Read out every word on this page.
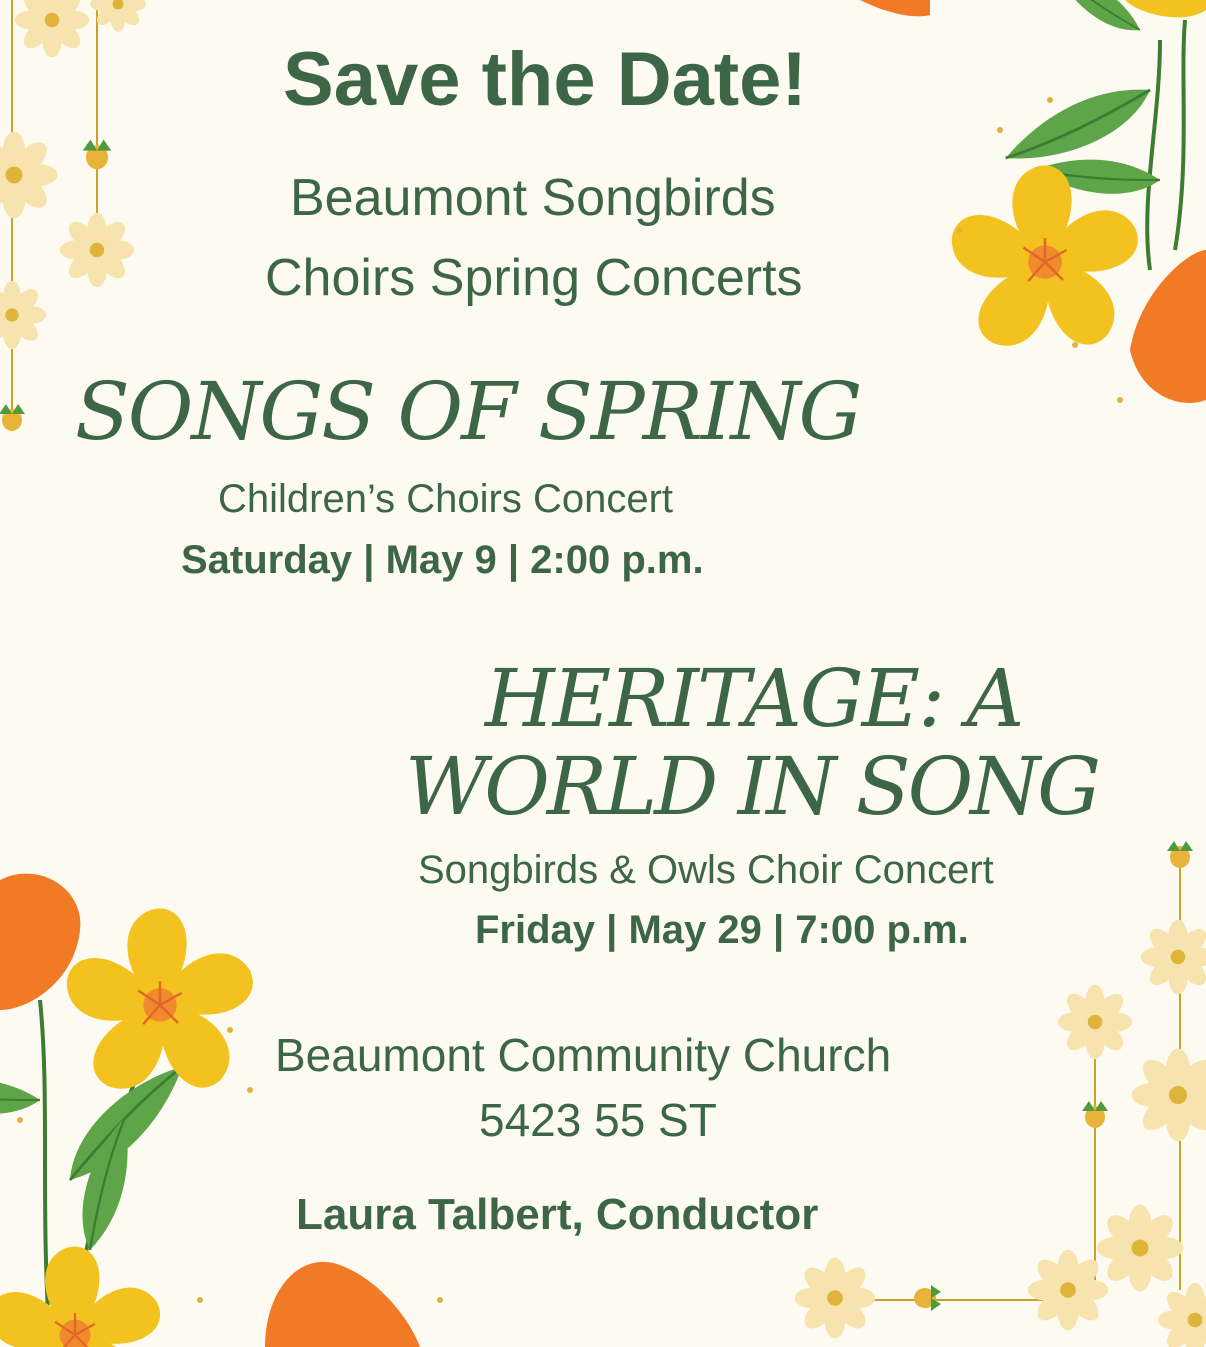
Save the Date!
Beaumont Songbirds
Choirs Spring Concerts
SONGS OF SPRING
Children’s Choirs Concert
Saturday | May 9 | 2:00 p.m.
HERITAGE: A
WORLD IN SONG
Songbirds & Owls Choir Concert
Friday | May 29 | 7:00 p.m.
Beaumont Community Church
5423 55 ST
Laura Talbert, Conductor
